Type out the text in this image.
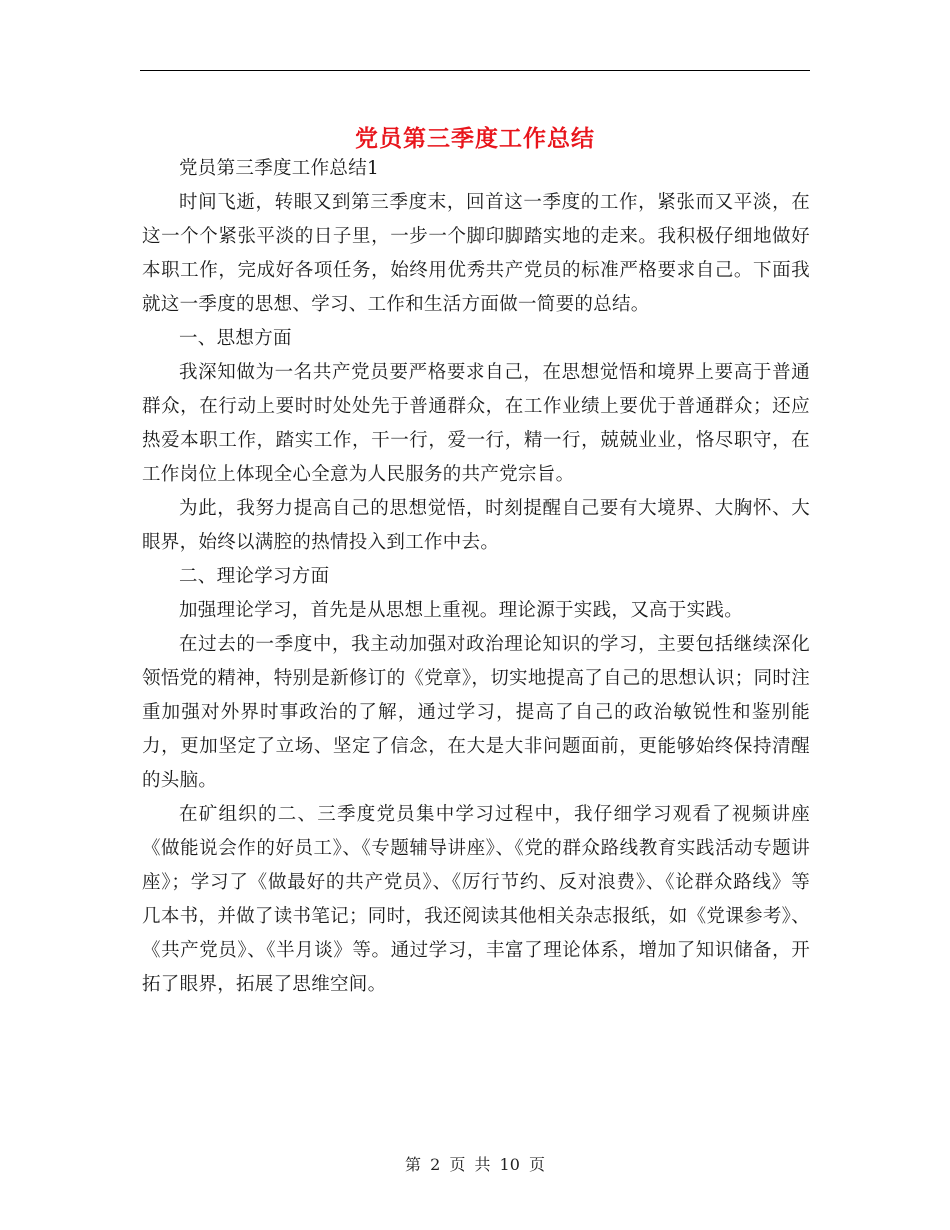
党员第三季度工作总结

党员第三季度工作总结1

时间飞逝，转眼又到第三季度末，回首这一季度的工作，紧张而又平淡，在这一个个紧张平淡的日子里，一步一个脚印脚踏实地的走来。我积极仔细地做好本职工作，完成好各项任务，始终用优秀共产党员的标准严格要求自己。下面我就这一季度的思想、学习、工作和生活方面做一简要的总结。

一、思想方面

我深知做为一名共产党员要严格要求自己，在思想觉悟和境界上要高于普通群众，在行动上要时时处处先于普通群众，在工作业绩上要优于普通群众；还应热爱本职工作，踏实工作，干一行，爱一行，精一行，兢兢业业，恪尽职守，在工作岗位上体现全心全意为人民服务的共产党宗旨。

为此，我努力提高自己的思想觉悟，时刻提醒自己要有大境界、大胸怀、大眼界，始终以满腔的热情投入到工作中去。

二、理论学习方面

加强理论学习，首先是从思想上重视。理论源于实践，又高于实践。

在过去的一季度中，我主动加强对政治理论知识的学习，主要包括继续深化领悟党的精神，特别是新修订的《党章》，切实地提高了自己的思想认识；同时注重加强对外界时事政治的了解，通过学习，提高了自己的政治敏锐性和鉴别能力，更加坚定了立场、坚定了信念，在大是大非问题面前，更能够始终保持清醒的头脑。

在矿组织的二、三季度党员集中学习过程中，我仔细学习观看了视频讲座《做能说会作的好员工》、《专题辅导讲座》、《党的群众路线教育实践活动专题讲座》；学习了《做最好的共产党员》、《厉行节约、反对浪费》、《论群众路线》等几本书，并做了读书笔记；同时，我还阅读其他相关杂志报纸，如《党课参考》、《共产党员》、《半月谈》等。通过学习，丰富了理论体系，增加了知识储备，开拓了眼界，拓展了思维空间。

第 2 页 共 10 页
